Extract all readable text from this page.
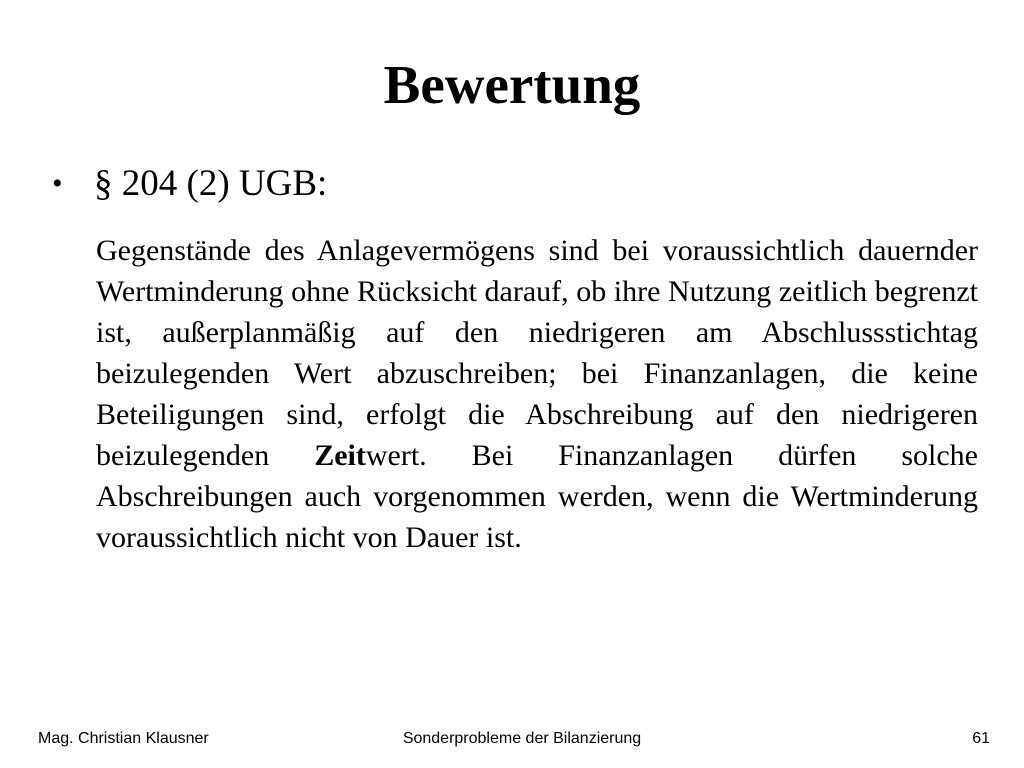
Bewertung
• § 204 (2) UGB:

Gegenstände des Anlagevermögens sind bei voraussichtlich dauernder Wertminderung ohne Rücksicht darauf, ob ihre Nutzung zeitlich begrenzt ist, außerplanmäßig auf den niedrigeren am Abschlussstichtag beizulegenden Wert abzuschreiben; bei Finanzanlagen, die keine Beteiligungen sind, erfolgt die Abschreibung auf den niedrigeren beizulegenden Zeitwert. Bei Finanzanlagen dürfen solche Abschreibungen auch vorgenommen werden, wenn die Wertminderung voraussichtlich nicht von Dauer ist.

Mag. Christian Klausner	Sonderprobleme der Bilanzierung	61
